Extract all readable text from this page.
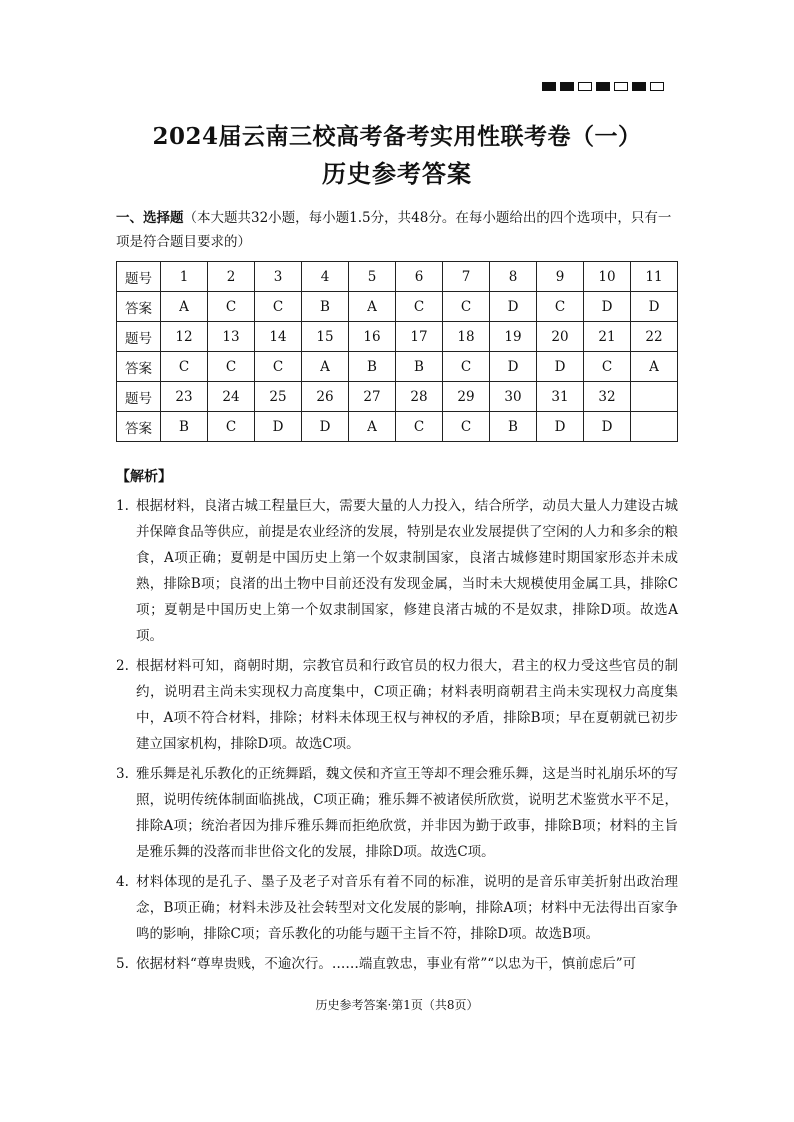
2024届云南三校高考备考实用性联考卷（一）
历史参考答案
一、选择题（本大题共32小题，每小题1.5分，共48分。在每小题给出的四个选项中，只有一项是符合题目要求的）
题号	1	2	3	4	5	6	7	8	9	10	11
答案	A	C	C	B	A	C	C	D	C	D	D
题号	12	13	14	15	16	17	18	19	20	21	22
答案	C	C	C	A	B	B	C	D	D	C	A
题号	23	24	25	26	27	28	29	30	31	32	
答案	B	C	D	D	A	C	C	B	D	D	
【解析】
1. 根据材料，良渚古城工程量巨大，需要大量的人力投入，结合所学，动员大量人力建设古城并保障食品等供应，前提是农业经济的发展，特别是农业发展提供了空闲的人力和多余的粮食，A项正确；夏朝是中国历史上第一个奴隶制国家，良渚古城修建时期国家形态并未成熟，排除B项；良渚的出土物中目前还没有发现金属，当时未大规模使用金属工具，排除C项；夏朝是中国历史上第一个奴隶制国家，修建良渚古城的不是奴隶，排除D项。故选A项。
2. 根据材料可知，商朝时期，宗教官员和行政官员的权力很大，君主的权力受这些官员的制约，说明君主尚未实现权力高度集中，C项正确；材料表明商朝君主尚未实现权力高度集中，A项不符合材料，排除；材料未体现王权与神权的矛盾，排除B项；早在夏朝就已初步建立国家机构，排除D项。故选C项。
3. 雅乐舞是礼乐教化的正统舞蹈，魏文侯和齐宣王等却不理会雅乐舞，这是当时礼崩乐坏的写照，说明传统体制面临挑战，C项正确；雅乐舞不被诸侯所欣赏，说明艺术鉴赏水平不足，排除A项；统治者因为排斥雅乐舞而拒绝欣赏，并非因为勤于政事，排除B项；材料的主旨是雅乐舞的没落而非世俗文化的发展，排除D项。故选C项。
4. 材料体现的是孔子、墨子及老子对音乐有着不同的标准，说明的是音乐审美折射出政治理念，B项正确；材料未涉及社会转型对文化发展的影响，排除A项；材料中无法得出百家争鸣的影响，排除C项；音乐教化的功能与题干主旨不符，排除D项。故选B项。
5. 依据材料“尊卑贵贱，不逾次行。……端直敦忠，事业有常”“以忠为干，慎前虑后”可
历史参考答案·第1页（共8页）
